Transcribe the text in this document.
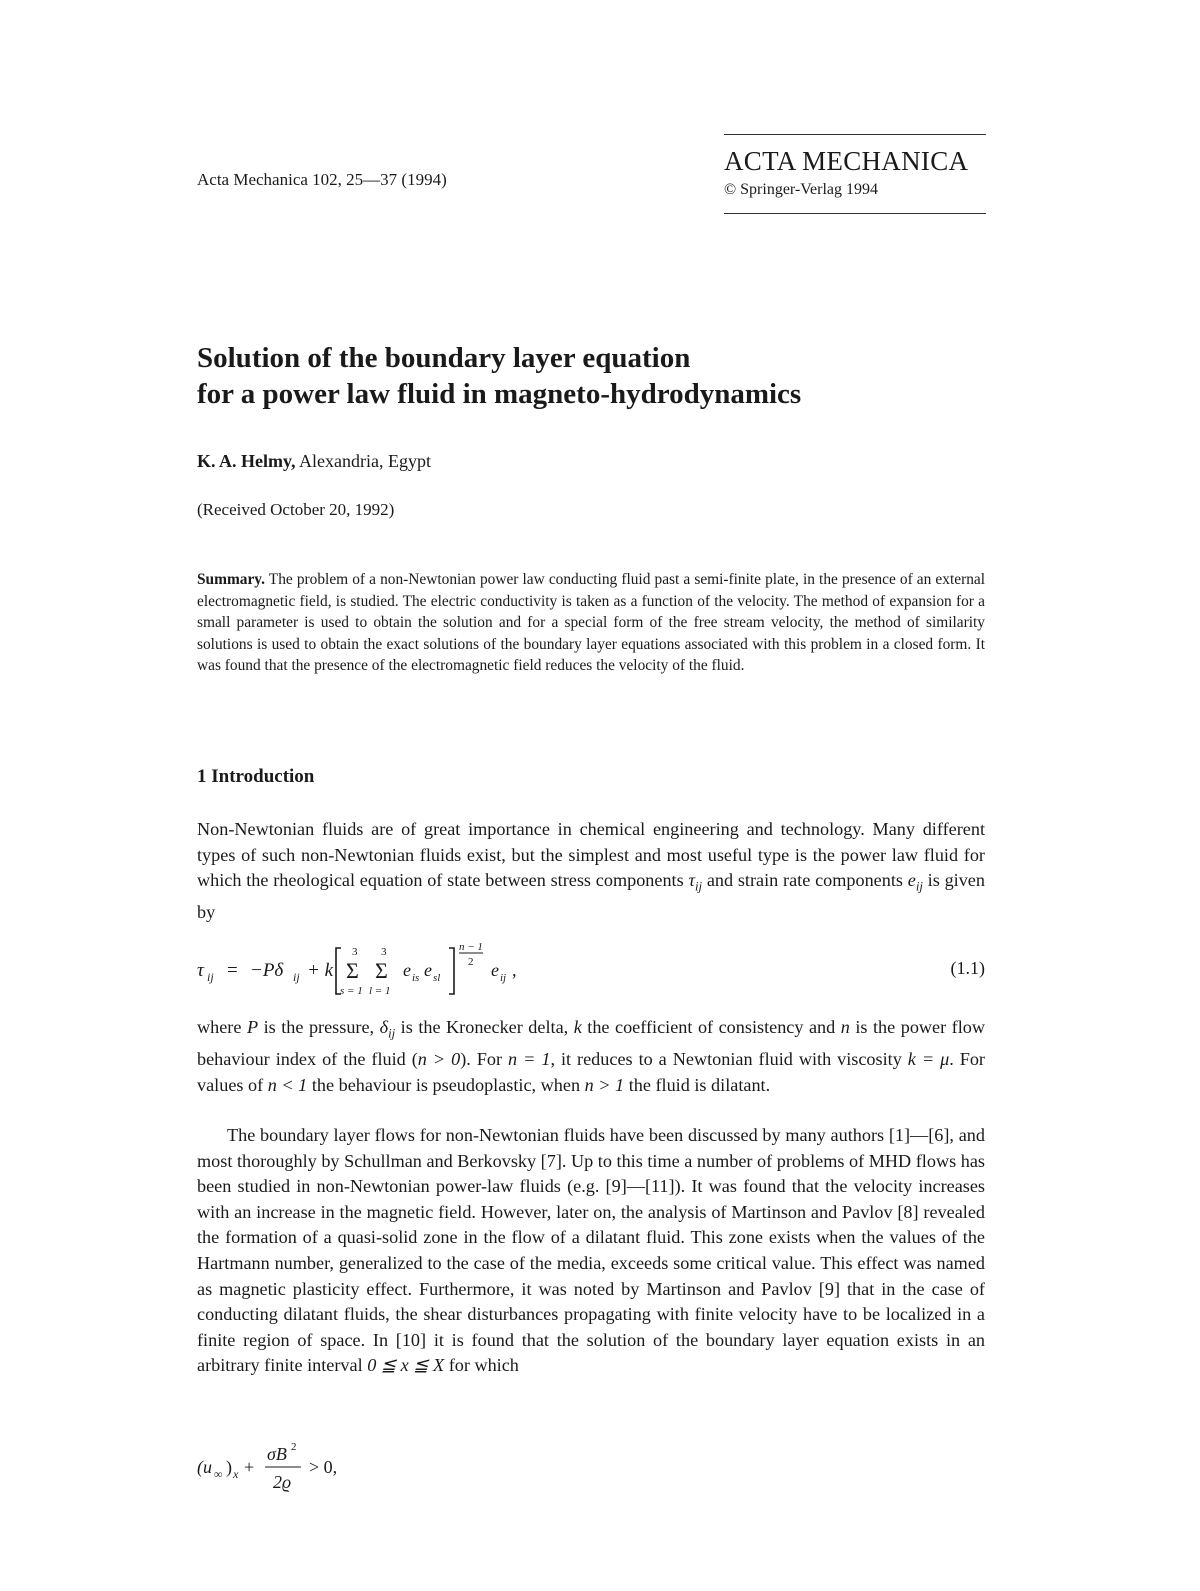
Acta Mechanica 102, 25—37 (1994)
ACTA MECHANICA
© Springer-Verlag 1994
Solution of the boundary layer equation
for a power law fluid in magneto-hydrodynamics
K. A. Helmy, Alexandria, Egypt
(Received October 20, 1992)
Summary. The problem of a non-Newtonian power law conducting fluid past a semi-finite plate, in the presence of an external electromagnetic field, is studied. The electric conductivity is taken as a function of the velocity. The method of expansion for a small parameter is used to obtain the solution and for a special form of the free stream velocity, the method of similarity solutions is used to obtain the exact solutions of the boundary layer equations associated with this problem in a closed form. It was found that the presence of the electromagnetic field reduces the velocity of the fluid.
1 Introduction
Non-Newtonian fluids are of great importance in chemical engineering and technology. Many different types of such non-Newtonian fluids exist, but the simplest and most useful type is the power law fluid for which the rheological equation of state between stress components $\tau_{ij}$ and strain rate components $e_{ij}$ is given by
τ ij = −Pδ ij + k
3
Σ
s = 1
3
Σ
l = 1
e is e sl
n − 1
2 e ij ,	(1.1)
where P is the pressure, $\delta_{ij}$ is the Kronecker delta, k the coefficient of consistency and n is the power flow behaviour index of the fluid (n > 0). For n = 1, it reduces to a Newtonian fluid with viscosity k = μ. For values of n < 1 the behaviour is pseudoplastic, when n > 1 the fluid is dilatant.
The boundary layer flows for non-Newtonian fluids have been discussed by many authors [1]—[6], and most thoroughly by Schullman and Berkovsky [7]. Up to this time a number of problems of MHD flows has been studied in non-Newtonian power-law fluids (e.g. [9]—[11]). It was found that the velocity increases with an increase in the magnetic field. However, later on, the analysis of Martinson and Pavlov [8] revealed the formation of a quasi-solid zone in the flow of a dilatant fluid. This zone exists when the values of the Hartmann number, generalized to the case of the media, exceeds some critical value. This effect was named as magnetic plasticity effect. Furthermore, it was noted by Martinson and Pavlov [9] that in the case of conducting dilatant fluids, the shear disturbances propagating with finite velocity have to be localized in a finite region of space. In [10] it is found that the solution of the boundary layer equation exists in an arbitrary finite interval 0 ≦ x ≦ X for which
(u ∞ ) x +
σB 2
2ϱ
> 0,
